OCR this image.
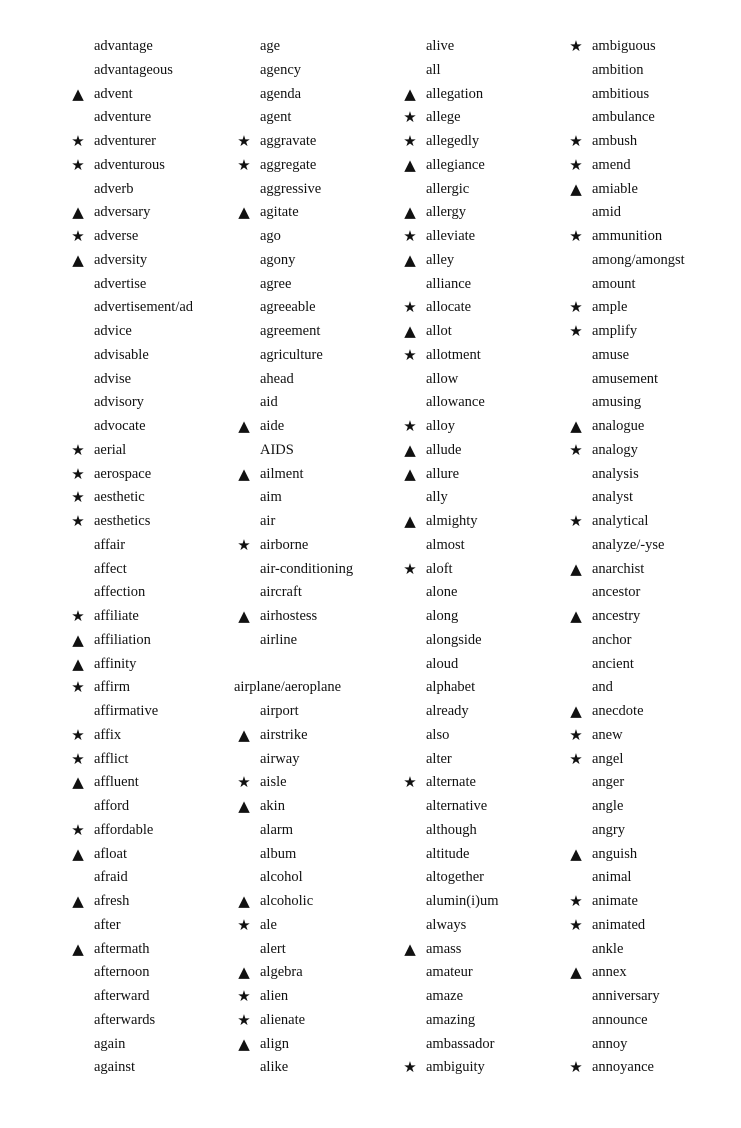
advantage
advantageous
▲ advent
adventure
★ adventurer
★ adventurous
adverb
▲ adversary
★ adverse
▲ adversity
advertise
advertisement/ad
advice
advisable
advise
advisory
advocate
★ aerial
★ aerospace
★ aesthetic
★ aesthetics
affair
affect
affection
★ affiliate
▲ affiliation
▲ affinity
★ affirm
affirmative
★ affix
★ afflict
▲ affluent
afford
★ affordable
▲ afloat
afraid
▲ afresh
after
▲ aftermath
afternoon
afterward
afterwards
again
against
age
agency
agenda
agent
★ aggravate
★ aggregate
aggressive
▲ agitate
ago
agony
agree
agreeable
agreement
agriculture
ahead
aid
▲ aide
AIDS
▲ ailment
aim
air
★ airborne
air-conditioning
aircraft
▲ airhostess
airline
airplane/aeroplane
airport
▲ airstrike
airway
★ aisle
▲ akin
alarm
album
alcohol
▲ alcoholic
★ ale
alert
▲ algebra
★ alien
★ alienate
▲ align
alike
alive
all
▲ allegation
★ allege
★ allegedly
▲ allegiance
allergic
▲ allergy
★ alleviate
▲ alley
alliance
★ allocate
▲ allot
★ allotment
allow
allowance
★ alloy
▲ allude
▲ allure
ally
▲ almighty
almost
★ aloft
alone
along
alongside
aloud
alphabet
already
also
alter
★ alternate
alternative
although
altitude
altogether
alumin(i)um
always
▲ amass
amateur
amaze
amazing
ambassador
★ ambiguity
★ ambiguous
ambition
ambitious
ambulance
★ ambush
★ amend
▲ amiable
amid
★ ammunition
among/amongst
amount
★ ample
★ amplify
amuse
amusement
amusing
▲ analogue
★ analogy
analysis
analyst
★ analytical
analyze/-yse
▲ anarchist
ancestor
▲ ancestry
anchor
ancient
and
▲ anecdote
★ anew
★ angel
anger
angle
angry
▲ anguish
animal
★ animate
★ animated
ankle
▲ annex
anniversary
announce
annoy
★ annoyance
